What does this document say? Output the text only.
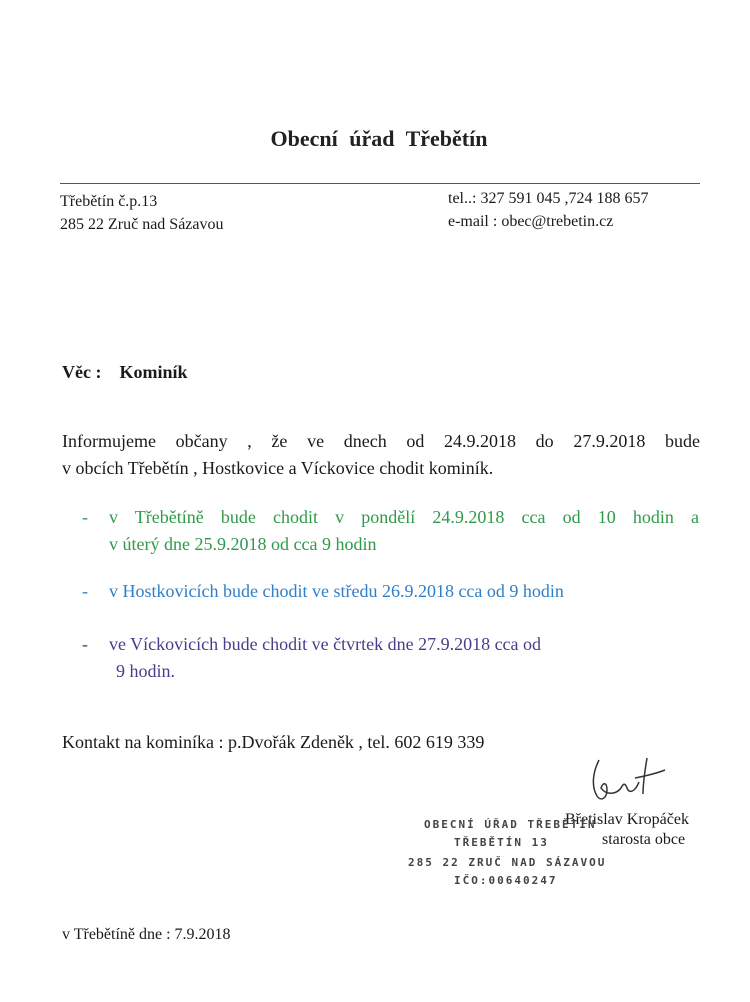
Obecní úřad Třebětín
Třebětín č.p.13
285 22 Zruč nad Sázavou
tel..: 327 591 045 ,724 188 657
e-mail : obec@trebetin.cz
Věc : Kominík

Informujeme občany , že ve dnech od 24.9.2018 do 27.9.2018 bude

v obcích Třebětín , Hostkovice a Víckovice chodit kominík.

- v Třebětíně bude chodit v pondělí 24.9.2018 cca od 10 hodin a
v úterý dne 25.9.2018 od cca 9 hodin
- v Hostkovicích bude chodit ve středu 26.9.2018 cca od 9 hodin
- ve Víckovicích bude chodit ve čtvrtek dne 27.9.2018 cca od
9 hodin.
Kontakt na kominíka : p.Dvořák Zdeněk , tel. 602 619 339
Břetislav Kropáček
OBECNÍ ÚŘAD TŘEBĚTÍN
TŘEBĚTÍN 13
285 22 ZRUČ NAD SÁZAVOU
IČO:00640247
starosta obce
v Třebětíně dne : 7.9.2018
